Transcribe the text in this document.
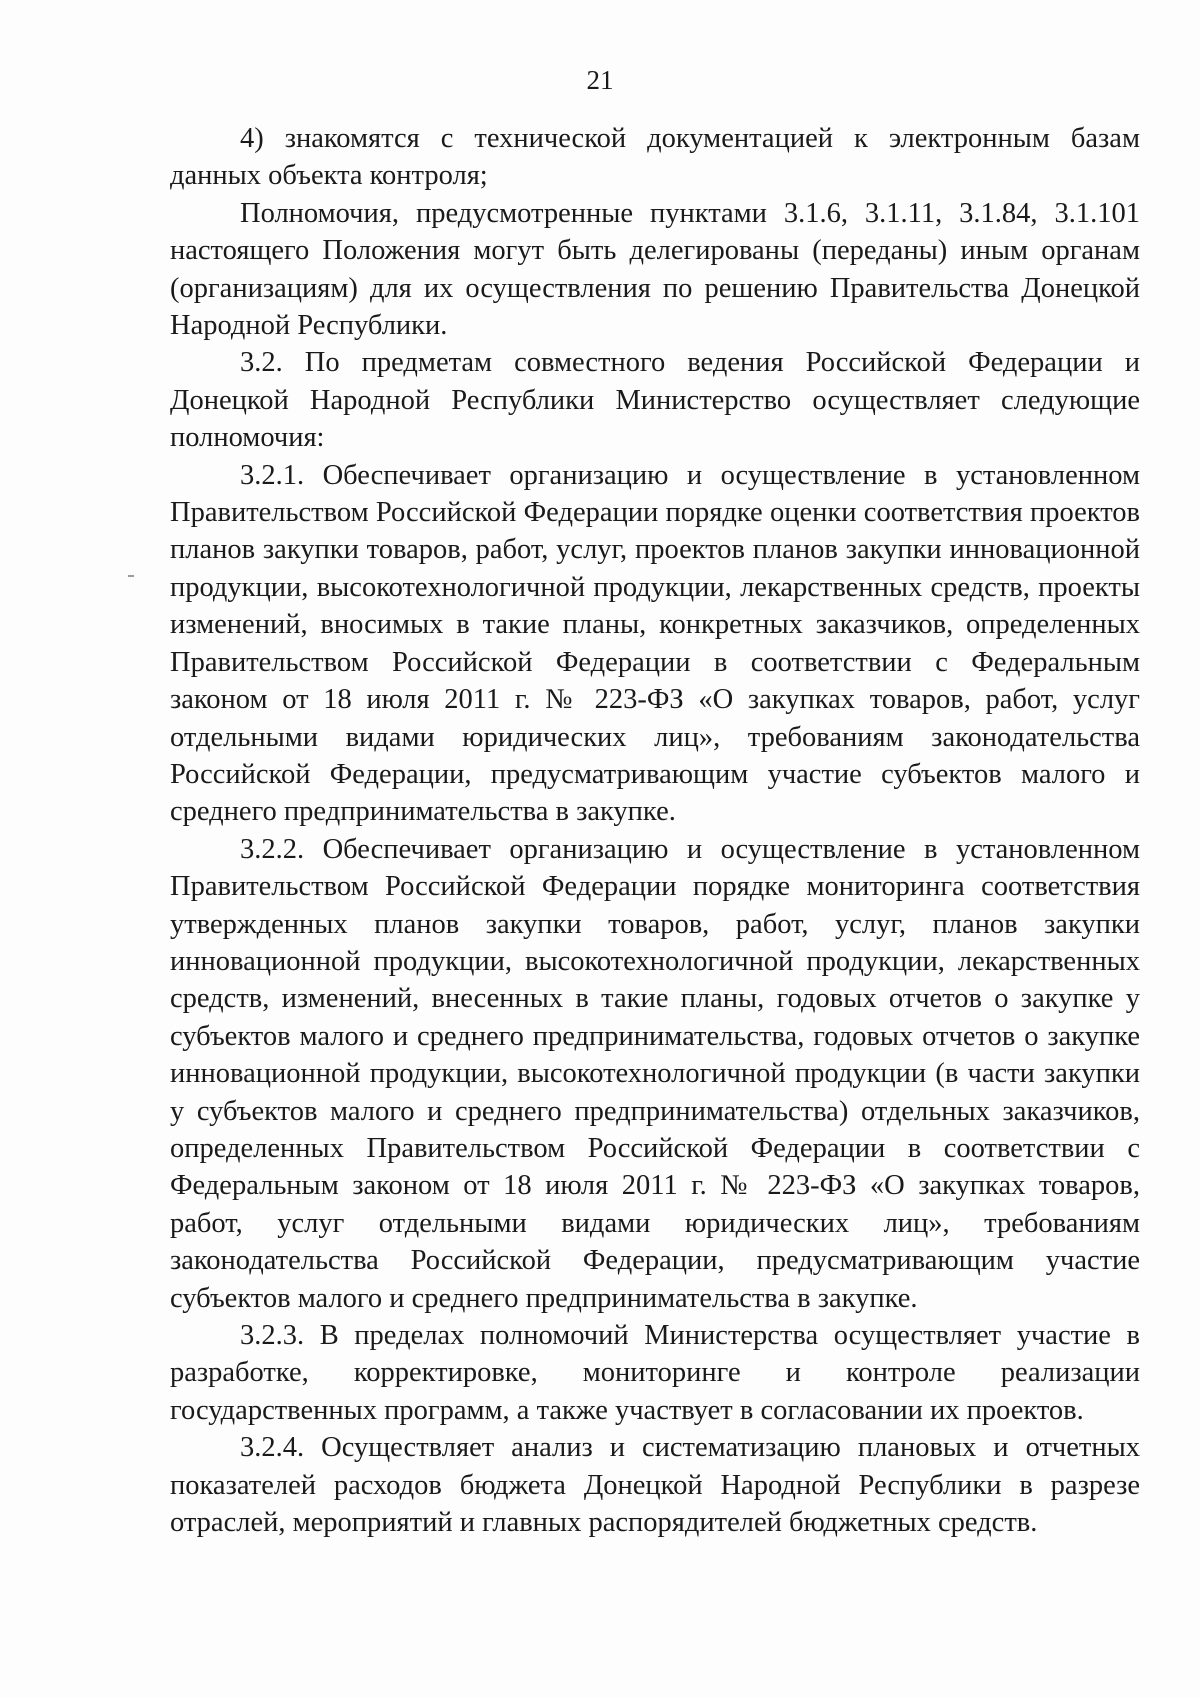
21

4) знакомятся с технической документацией к электронным базам данных объекта контроля;

Полномочия, предусмотренные пунктами 3.1.6, 3.1.11, 3.1.84, 3.1.101 настоящего Положения могут быть делегированы (переданы) иным органам (организациям) для их осуществления по решению Правительства Донецкой Народной Республики.

3.2. По предметам совместного ведения Российской Федерации и Донецкой Народной Республики Министерство осуществляет следующие полномочия:

3.2.1. Обеспечивает организацию и осуществление в установленном Правительством Российской Федерации порядке оценки соответствия проектов планов закупки товаров, работ, услуг, проектов планов закупки инновационной продукции, высокотехнологичной продукции, лекарственных средств, проекты изменений, вносимых в такие планы, конкретных заказчиков, определенных Правительством Российской Федерации в соответствии с Федеральным законом от 18 июля 2011 г. № 223-ФЗ «О закупках товаров, работ, услуг отдельными видами юридических лиц», требованиям законодательства Российской Федерации, предусматривающим участие субъектов малого и среднего предпринимательства в закупке.

3.2.2. Обеспечивает организацию и осуществление в установленном Правительством Российской Федерации порядке мониторинга соответствия утвержденных планов закупки товаров, работ, услуг, планов закупки инновационной продукции, высокотехнологичной продукции, лекарственных средств, изменений, внесенных в такие планы, годовых отчетов о закупке у субъектов малого и среднего предпринимательства, годовых отчетов о закупке инновационной продукции, высокотехнологичной продукции (в части закупки у субъектов малого и среднего предпринимательства) отдельных заказчиков, определенных Правительством Российской Федерации в соответствии с Федеральным законом от 18 июля 2011 г. № 223-ФЗ «О закупках товаров, работ, услуг отдельными видами юридических лиц», требованиям законодательства Российской Федерации, предусматривающим участие субъектов малого и среднего предпринимательства в закупке.

3.2.3. В пределах полномочий Министерства осуществляет участие в разработке, корректировке, мониторинге и контроле реализации государственных программ, а также участвует в согласовании их проектов.

3.2.4. Осуществляет анализ и систематизацию плановых и отчетных показателей расходов бюджета Донецкой Народной Республики в разрезе отраслей, мероприятий и главных распорядителей бюджетных средств.
